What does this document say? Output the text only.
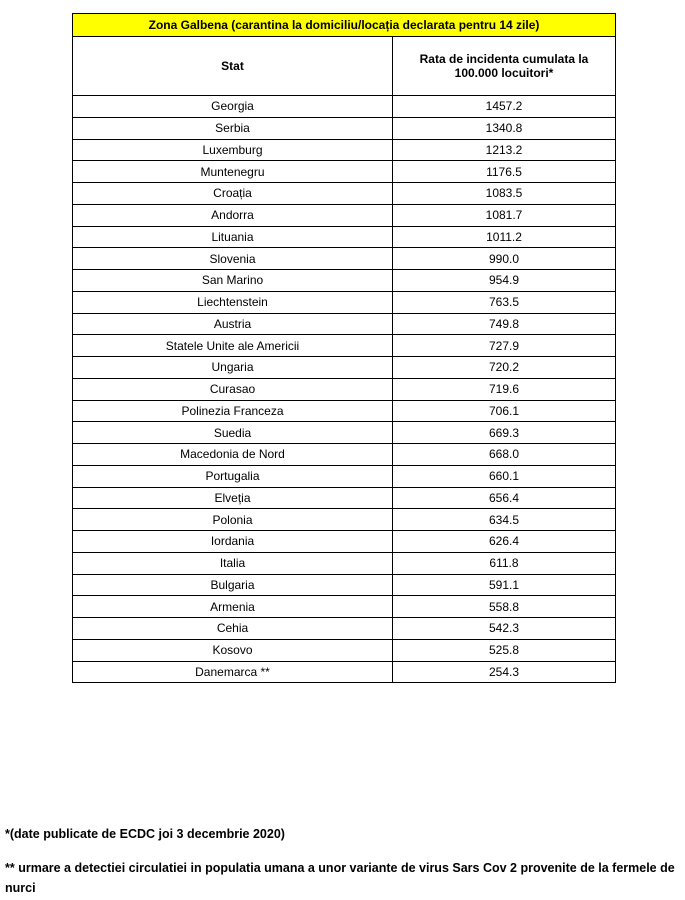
Zona Galbena (carantina la domiciliu/locația declarata pentru 14 zile)	
Stat	Rata de incidenta cumulata la 100.000 locuitori*
Georgia	1457.2
Serbia	1340.8
Luxemburg	1213.2
Muntenegru	1176.5
Croația	1083.5
Andorra	1081.7
Lituania	1011.2
Slovenia	990.0
San Marino	954.9
Liechtenstein	763.5
Austria	749.8
Statele Unite ale Americii	727.9
Ungaria	720.2
Curasao	719.6
Polinezia Franceza	706.1
Suedia	669.3
Macedonia de Nord	668.0
Portugalia	660.1
Elveția	656.4
Polonia	634.5
Iordania	626.4
Italia	611.8
Bulgaria	591.1
Armenia	558.8
Cehia	542.3
Kosovo	525.8
Danemarca **	254.3

*(date publicate de ECDC joi 3 decembrie 2020)

** urmare a detectiei circulatiei in populatia umana a unor variante de virus Sars Cov 2 provenite de la fermele de nurci
